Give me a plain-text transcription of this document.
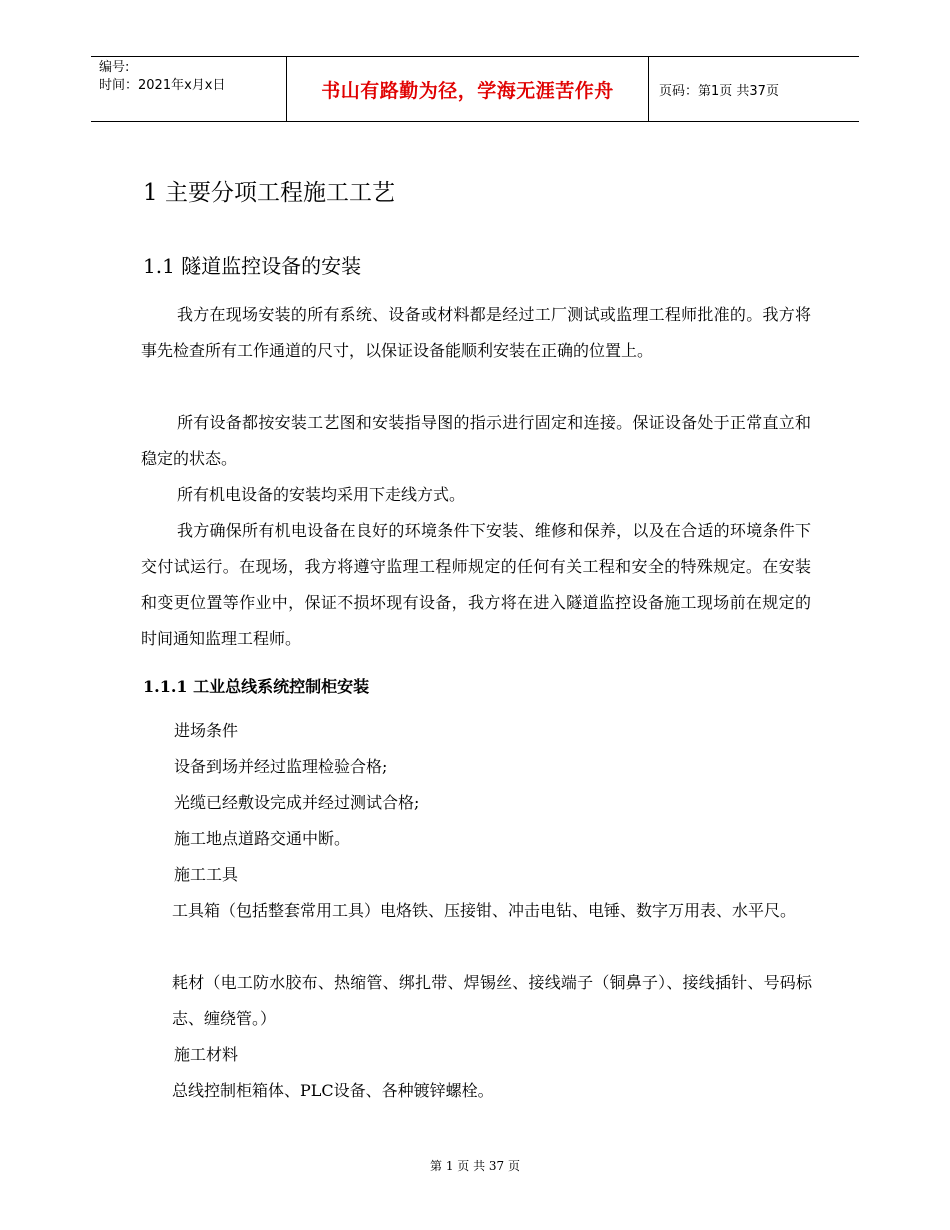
编号:
时间：2021年x月x日	书山有路勤为径，学海无涯苦作舟	页码：第1页 共37页
1 主要分项工程施工工艺
1.1 隧道监控设备的安装

我方在现场安装的所有系统、设备或材料都是经过工厂测试或监理工程师批准的。我方将事先检查所有工作通道的尺寸，以保证设备能顺利安装在正确的位置上。

所有设备都按安装工艺图和安装指导图的指示进行固定和连接。保证设备处于正常直立和稳定的状态。

所有机电设备的安装均采用下走线方式。

我方确保所有机电设备在良好的环境条件下安装、维修和保养，以及在合适的环境条件下交付试运行。在现场，我方将遵守监理工程师规定的任何有关工程和安全的特殊规定。在安装和变更位置等作业中，保证不损坏现有设备，我方将在进入隧道监控设备施工现场前在规定的时间通知监理工程师。

1.1.1 工业总线系统控制柜安装

进场条件

设备到场并经过监理检验合格;

光缆已经敷设完成并经过测试合格;

施工地点道路交通中断。

施工工具

工具箱（包括整套常用工具）电烙铁、压接钳、冲击电钻、电锤、数字万用表、水平尺。

耗材（电工防水胶布、热缩管、绑扎带、焊锡丝、接线端子（铜鼻子）、接线插针、号码标志、缠绕管。）

施工材料

总线控制柜箱体、PLC设备、各种镀锌螺栓。

第 1 页 共 37 页
